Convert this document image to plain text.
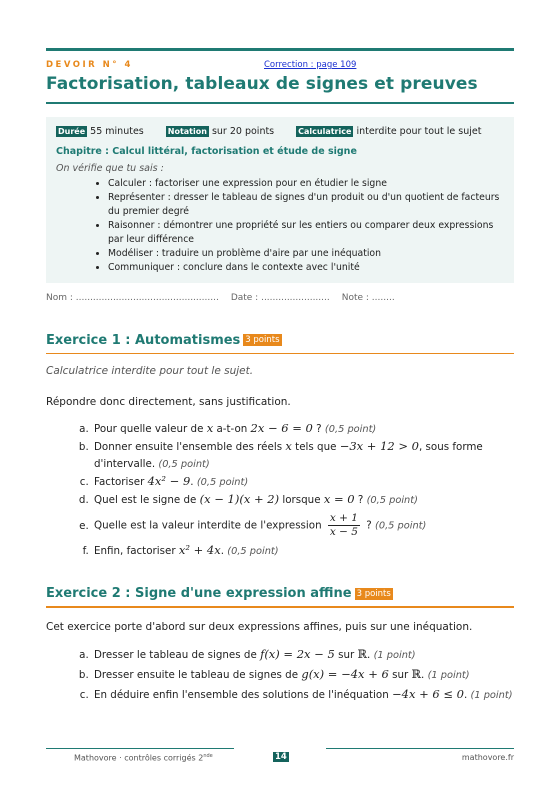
DEVOIR N° 4	Correction : page 109
Factorisation, tableaux de signes et preuves
Durée 55 minutes	Notation sur 20 points	Calculatrice interdite pour tout le sujet
Chapitre : Calcul littéral, factorisation et étude de signe
On vérifie que tu sais :
• Calculer : factoriser une expression pour en étudier le signe
• Représenter : dresser le tableau de signes d'un produit ou d'un quotient de facteurs du premier degré
• Raisonner : démontrer une propriété sur les entiers ou comparer deux expressions par leur différence
• Modéliser : traduire un problème d'aire par une inéquation
• Communiquer : conclure dans le contexte avec l'unité
Nom : .................................................. Date : ........................ Note : ........
Exercice 1 : Automatismes 3 points
Calculatrice interdite pour tout le sujet.
Répondre donc directement, sans justification.
a. Pour quelle valeur de x a-t-on 2x − 6 = 0 ? (0,5 point)
b. Donner ensuite l'ensemble des réels x tels que −3x + 12 > 0, sous forme d'intervalle. (0,5 point)
c. Factoriser 4x² − 9. (0,5 point)
d. Quel est le signe de (x − 1)(x + 2) lorsque x = 0 ? (0,5 point)
e. Quelle est la valeur interdite de l'expression $\frac{x + 1}{x - 5}$ ? (0,5 point)
f. Enfin, factoriser x² + 4x. (0,5 point)
Exercice 2 : Signe d'une expression affine 3 points
Cet exercice porte d'abord sur deux expressions affines, puis sur une inéquation.
a. Dresser le tableau de signes de f(x) = 2x − 5 sur ℝ. (1 point)
b. Dresser ensuite le tableau de signes de g(x) = −4x + 6 sur ℝ. (1 point)
c. En déduire enfin l'ensemble des solutions de l'inéquation −4x + 6 ≤ 0. (1 point)
Mathovore · contrôles corrigés 2nde	14	mathovore.fr
